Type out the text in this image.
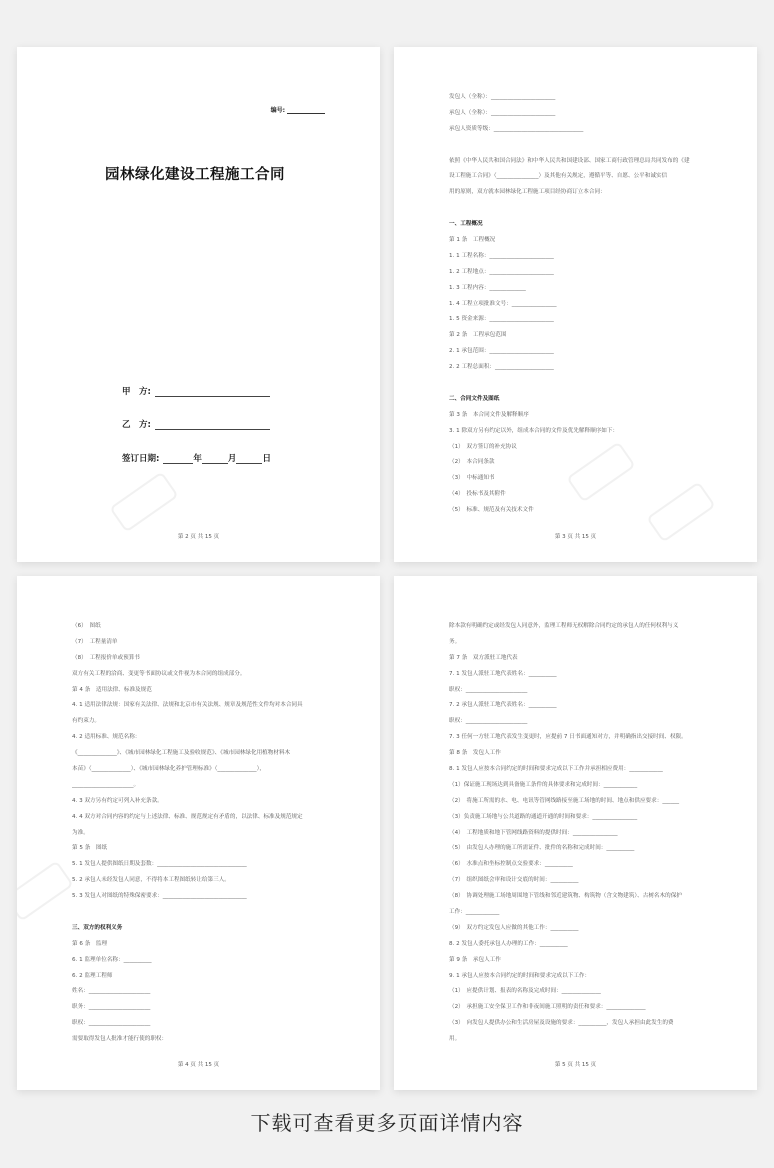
编号:
园林绿化建设工程施工合同
甲　方:
乙　方:
签订日期:	年	月	日
第 2 页 共 15 页
发包人（全称）：_______________________
承包人（全称）：_______________________
承包人资质等级：________________________________
依照《中华人民共和国合同法》和中华人民共和国建设部、国家工商行政管理总局共同发布的《建
设工程施工合同》（_______________）及其他有关规定，遵循平等、自愿、公平和诚实信
用的原则，双方就本园林绿化工程施工项目经协商订立本合同：
一、工程概况
第 1 条　工程概况
1. 1 工程名称：_______________________
1. 2 工程地点：_______________________
1. 3 工程内容：_____________
1. 4 工程立项批准文号：________________
1. 5 资金来源：_______________________
第 2 条　工程承包范围
2. 1 承包范围：_______________________
2. 2 工程总面积：_____________________
二、合同文件及图纸
第 3 条　本合同文件及解释顺序
3. 1 除双方另有约定以外，组成本合同的文件及优先解释顺序如下：
（1）　双方签订的补充协议
（2）　本合同条款
（3）　中标通知书
（4）　投标书及其附件
（5）　标准、规范及有关技术文件
第 3 页 共 15 页
（6）　图纸
（7）　工程量清单
（8）　工程报价单或预算书
双方有关工程的洽商、变更等书面协议或文件视为本合同的组成部分。
第 4 条　适用法律、标准及规范
4. 1 适用法律法规：国家有关法律、法规和北京市有关法规、规章及规范性文件均对本合同具
有约束力。
4. 2 适用标准、规范名称：
《______________》、《城市园林绿化工程施工及验收规范》、《城市园林绿化用植物材料木
本苗》（______________）、《城市园林绿化养护管理标准》（______________），
______________________。
4. 3 双方另有约定可列入补充条款。
4. 4 双方对合同内容的约定与上述法律、标准、规范规定有矛盾的，以法律、标准及规范规定
为准。
第 5 条　图纸
5. 1 发包人提供图纸日期及套数：________________________________
5. 2 承包人未经发包人同意，不得将本工程图纸转让给第三人。
5. 3 发包人对图纸的特殊保密要求：______________________________
三、双方的权利义务
第 6 条　监理
6. 1 监理单位名称：__________
6. 2 监理工程师
姓名：______________________
职务：______________________
职权：______________________
需要取得发包人批准才能行使的职权：
第 4 页 共 15 页
除本款有明确约定或经发包人同意外，监理工程师无权解除合同约定的承包人的任何权利与义
务。
第 7 条　双方派驻工地代表
7. 1 发包人派驻工地代表姓名：__________
职权：______________________
7. 2 承包人派驻工地代表姓名：__________
职权：______________________
7. 3 任何一方驻工地代表发生变更时，应提前 7 日书面通知对方，并明确指出交接时间、权限。
第 8 条　发包人工作
8. 1 发包人应按本合同约定的时间和要求完成以下工作并承担相应费用：____________
（1）保证施工现场达到具备施工条件的具体要求和完成时间：____________
（2）　将施工所需的水、电、电讯等管网线路接至施工场地的时间、地点和供应要求：______
（3）负责施工场地与公共道路的通道开通的时间和要求：________________
（4）　工程地质和地下管网线路资料的提供时间：________________
（5）　由发包人办理的施工所需证件、批件的名称和完成时间：__________
（6）　水准点和坐标控制点交验要求：__________
（7）　组织图纸会审和设计交底的时间：__________
（8）　协调处理施工场地周围地下管线和邻近建筑物、构筑物（含文物建筑）、古树名木的保护
工作：____________
（9）　双方约定发包人应做的其他工作：__________
8. 2 发包人委托承包人办理的工作：__________
第 9 条　承包人工作
9. 1 承包人应按本合同约定的时间和要求完成以下工作：
（1）　应提供计划、报表的名称及完成时间：______________
（2）　承担施工安全保卫工作和非夜间施工照明的责任和要求：______________
（3）　向发包人提供办公和生活房屋及设施的要求：__________，发包人承担由此发生的费
用。
第 5 页 共 15 页
下载可查看更多页面详情内容
